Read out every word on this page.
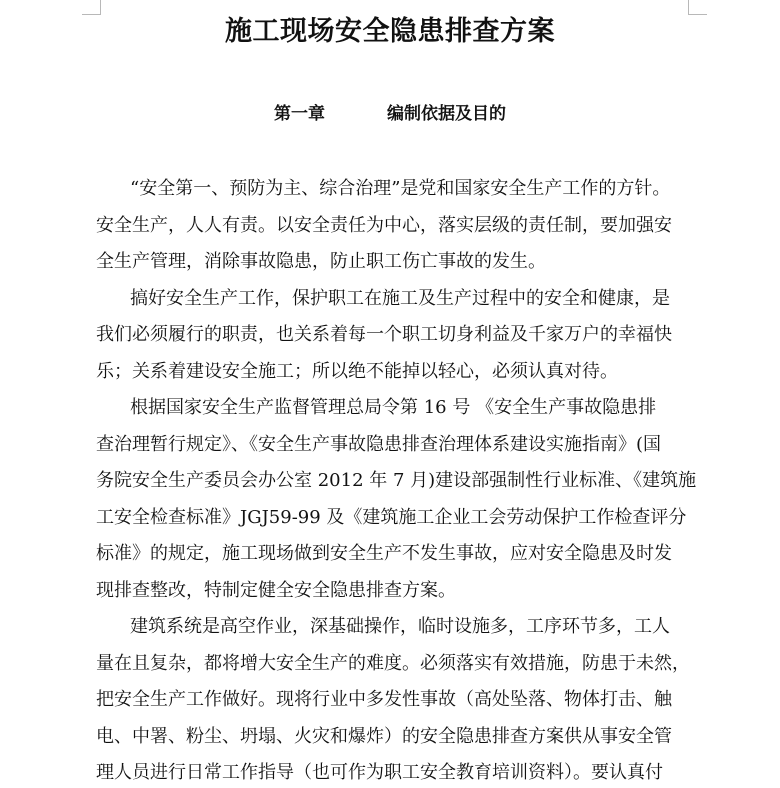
施工现场安全隐患排查方案
第一章	编制依据及目的
“安全第一、预防为主、综合治理”是党和国家安全生产工作的方针。
安全生产，人人有责。以安全责任为中心，落实层级的责任制，要加强安
全生产管理，消除事故隐患，防止职工伤亡事故的发生。
搞好安全生产工作，保护职工在施工及生产过程中的安全和健康，是
我们必须履行的职责，也关系着每一个职工切身利益及千家万户的幸福快
乐；关系着建设安全施工；所以绝不能掉以轻心，必须认真对待。
根据国家安全生产监督管理总局令第 16 号 《安全生产事故隐患排
查治理暂行规定》、《安全生产事故隐患排查治理体系建设实施指南》(国
务院安全生产委员会办公室 2012 年 7 月)建设部强制性行业标准、《建筑施
工安全检查标准》JGJ59-99 及《建筑施工企业工会劳动保护工作检查评分
标准》的规定，施工现场做到安全生产不发生事故，应对安全隐患及时发
现排查整改，特制定健全安全隐患排查方案。
建筑系统是高空作业，深基础操作，临时设施多，工序环节多，工人
量在且复杂，都将增大安全生产的难度。必须落实有效措施，防患于未然，
把安全生产工作做好。现将行业中多发性事故（高处坠落、物体打击、触
电、中署、粉尘、坍塌、火灾和爆炸）的安全隐患排查方案供从事安全管
理人员进行日常工作指导（也可作为职工安全教育培训资料）。要认真付
